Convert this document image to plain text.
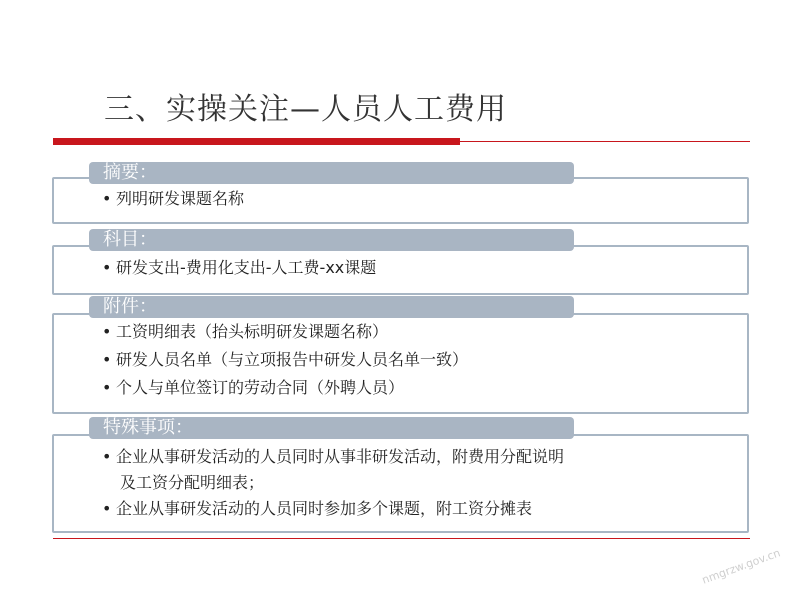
三、实操关注—人员人工费用
摘要：
• 列明研发课题名称
科目：
• 研发支出-费用化支出-人工费-xx课题
附件：
• 工资明细表（抬头标明研发课题名称）
• 研发人员名单（与立项报告中研发人员名单一致）
• 个人与单位签订的劳动合同（外聘人员）
特殊事项：
• 企业从事研发活动的人员同时从事非研发活动，附费用分配说明
及工资分配明细表；
• 企业从事研发活动的人员同时参加多个课题，附工资分摊表
nmgrzw.gov.cn
